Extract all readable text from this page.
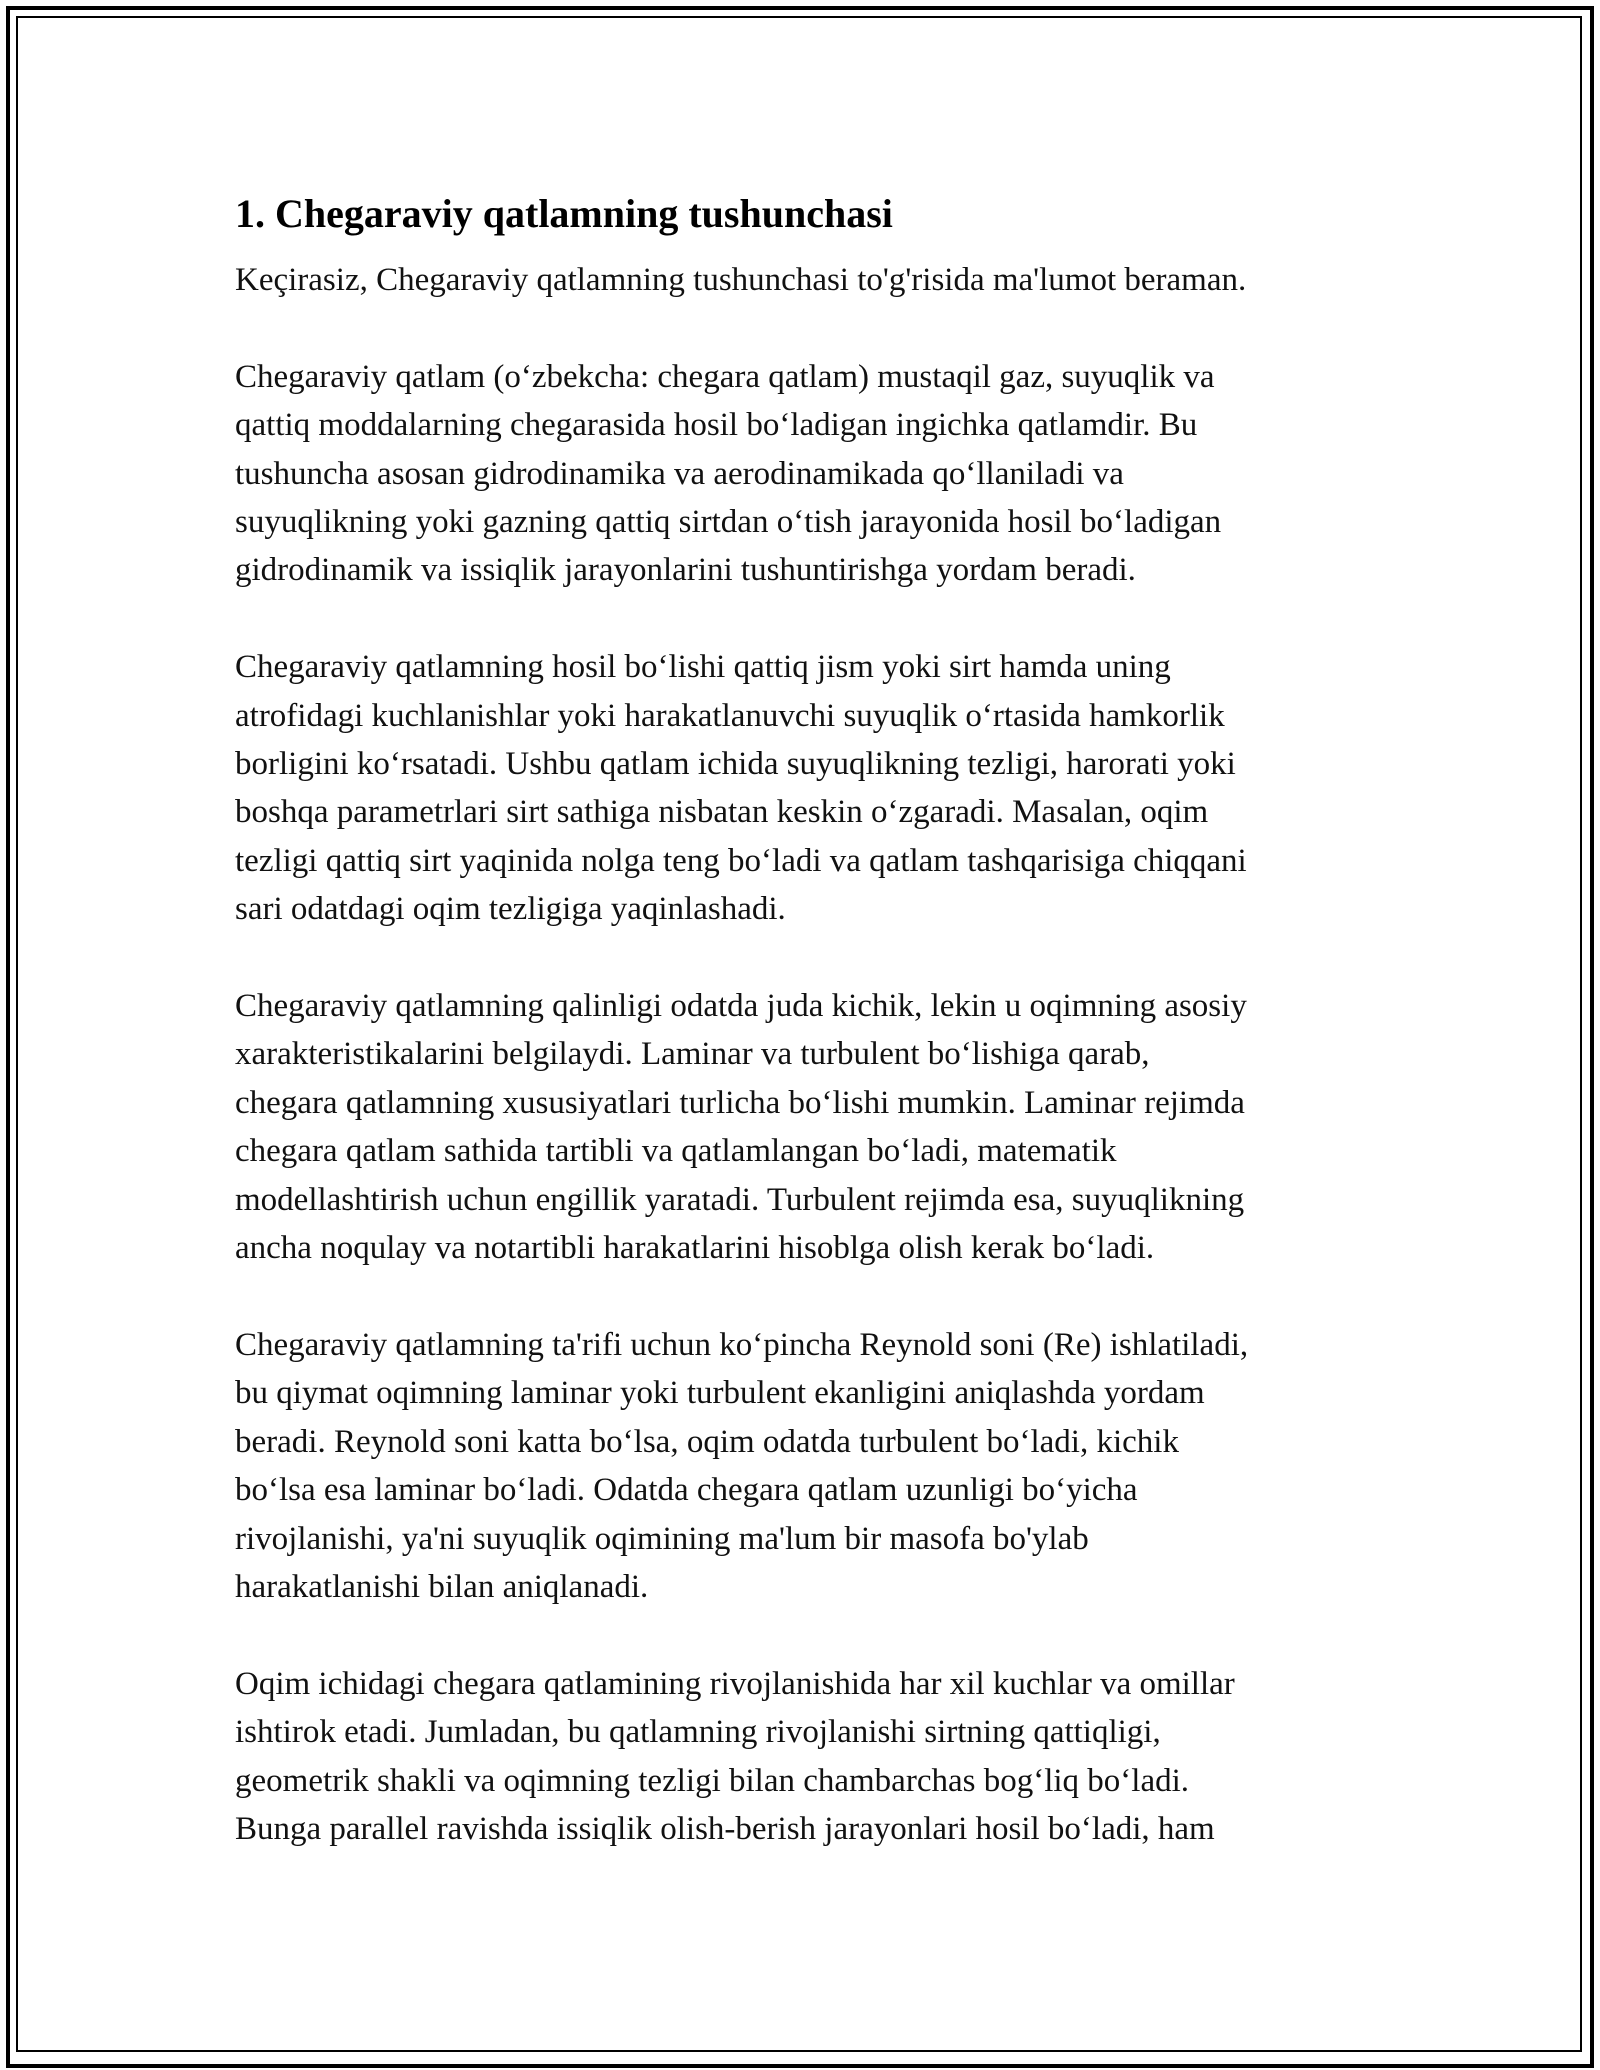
1. Chegaraviy qatlamning tushunchasi

Keçirasiz, Chegaraviy qatlamning tushunchasi to'g'risida ma'lumot beraman.

Chegaraviy qatlam (o‘zbekcha: chegara qatlam) mustaqil gaz, suyuqlik va
qattiq moddalarning chegarasida hosil bo‘ladigan ingichka qatlamdir. Bu
tushuncha asosan gidrodinamika va aerodinamikada qo‘llaniladi va
suyuqlikning yoki gazning qattiq sirtdan o‘tish jarayonida hosil bo‘ladigan
gidrodinamik va issiqlik jarayonlarini tushuntirishga yordam beradi.

Chegaraviy qatlamning hosil bo‘lishi qattiq jism yoki sirt hamda uning
atrofidagi kuchlanishlar yoki harakatlanuvchi suyuqlik o‘rtasida hamkorlik
borligini ko‘rsatadi. Ushbu qatlam ichida suyuqlikning tezligi, harorati yoki
boshqa parametrlari sirt sathiga nisbatan keskin o‘zgaradi. Masalan, oqim
tezligi qattiq sirt yaqinida nolga teng bo‘ladi va qatlam tashqarisiga chiqqani
sari odatdagi oqim tezligiga yaqinlashadi.

Chegaraviy qatlamning qalinligi odatda juda kichik, lekin u oqimning asosiy
xarakteristikalarini belgilaydi. Laminar va turbulent bo‘lishiga qarab,
chegara qatlamning xususiyatlari turlicha bo‘lishi mumkin. Laminar rejimda
chegara qatlam sathida tartibli va qatlamlangan bo‘ladi, matematik
modellashtirish uchun engillik yaratadi. Turbulent rejimda esa, suyuqlikning
ancha noqulay va notartibli harakatlarini hisoblga olish kerak bo‘ladi.

Chegaraviy qatlamning ta'rifi uchun ko‘pincha Reynold soni (Re) ishlatiladi,
bu qiymat oqimning laminar yoki turbulent ekanligini aniqlashda yordam
beradi. Reynold soni katta bo‘lsa, oqim odatda turbulent bo‘ladi, kichik
bo‘lsa esa laminar bo‘ladi. Odatda chegara qatlam uzunligi bo‘yicha
rivojlanishi, ya'ni suyuqlik oqimining ma'lum bir masofa bo'ylab
harakatlanishi bilan aniqlanadi.

Oqim ichidagi chegara qatlamining rivojlanishida har xil kuchlar va omillar
ishtirok etadi. Jumladan, bu qatlamning rivojlanishi sirtning qattiqligi,
geometrik shakli va oqimning tezligi bilan chambarchas bog‘liq bo‘ladi.
Bunga parallel ravishda issiqlik olish-berish jarayonlari hosil bo‘ladi, ham
